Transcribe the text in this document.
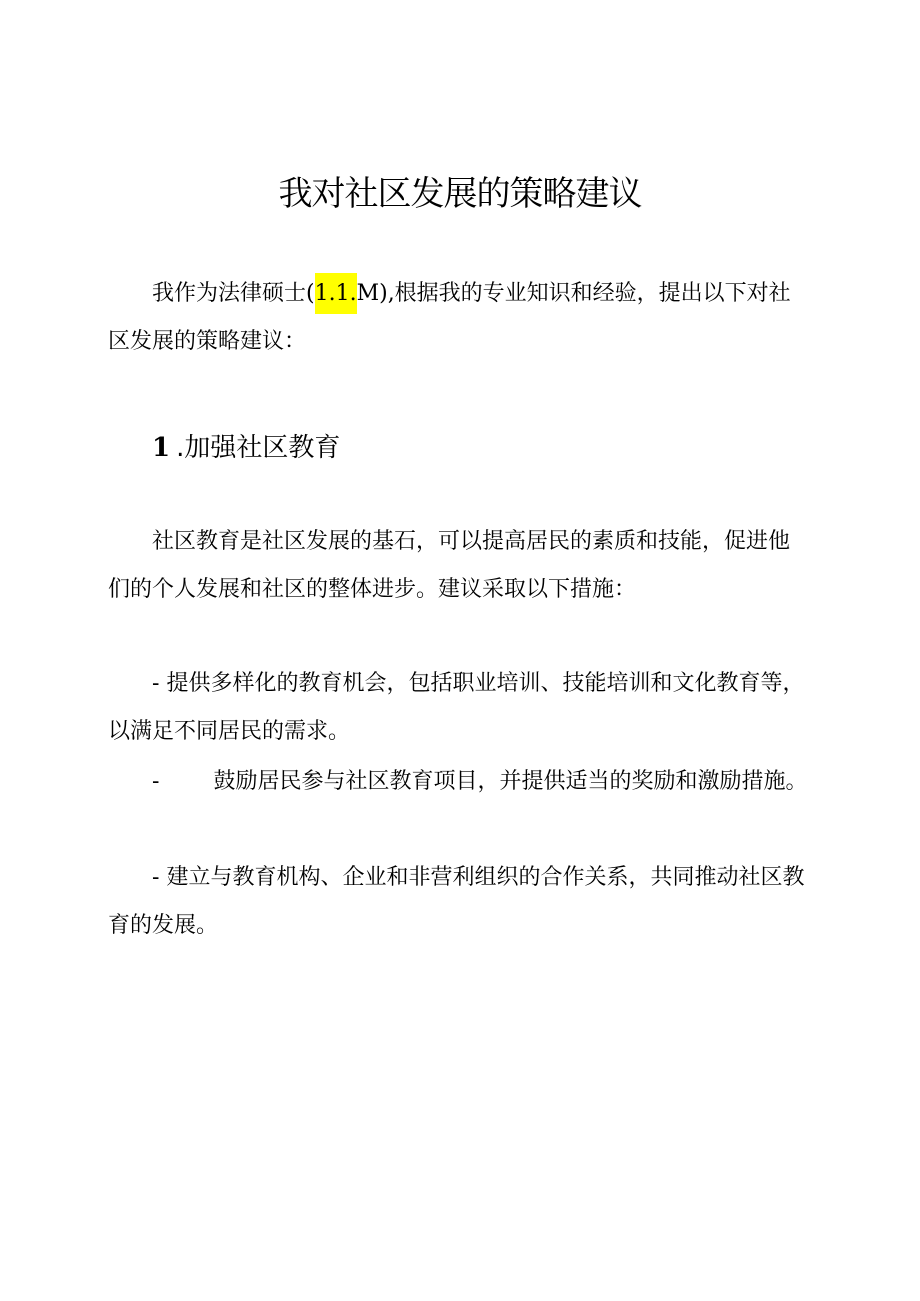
我对社区发展的策略建议

我作为法律硕士(1.1.M),根据我的专业知识和经验，提出以下对社区发展的策略建议：

1 .加强社区教育

社区教育是社区发展的基石，可以提高居民的素质和技能，促进他们的个人发展和社区的整体进步。建议采取以下措施：

- 提供多样化的教育机会，包括职业培训、技能培训和文化教育等，以满足不同居民的需求。

- 鼓励居民参与社区教育项目，并提供适当的奖励和激励措施。

- 建立与教育机构、企业和非营利组织的合作关系，共同推动社区教育的发展。
